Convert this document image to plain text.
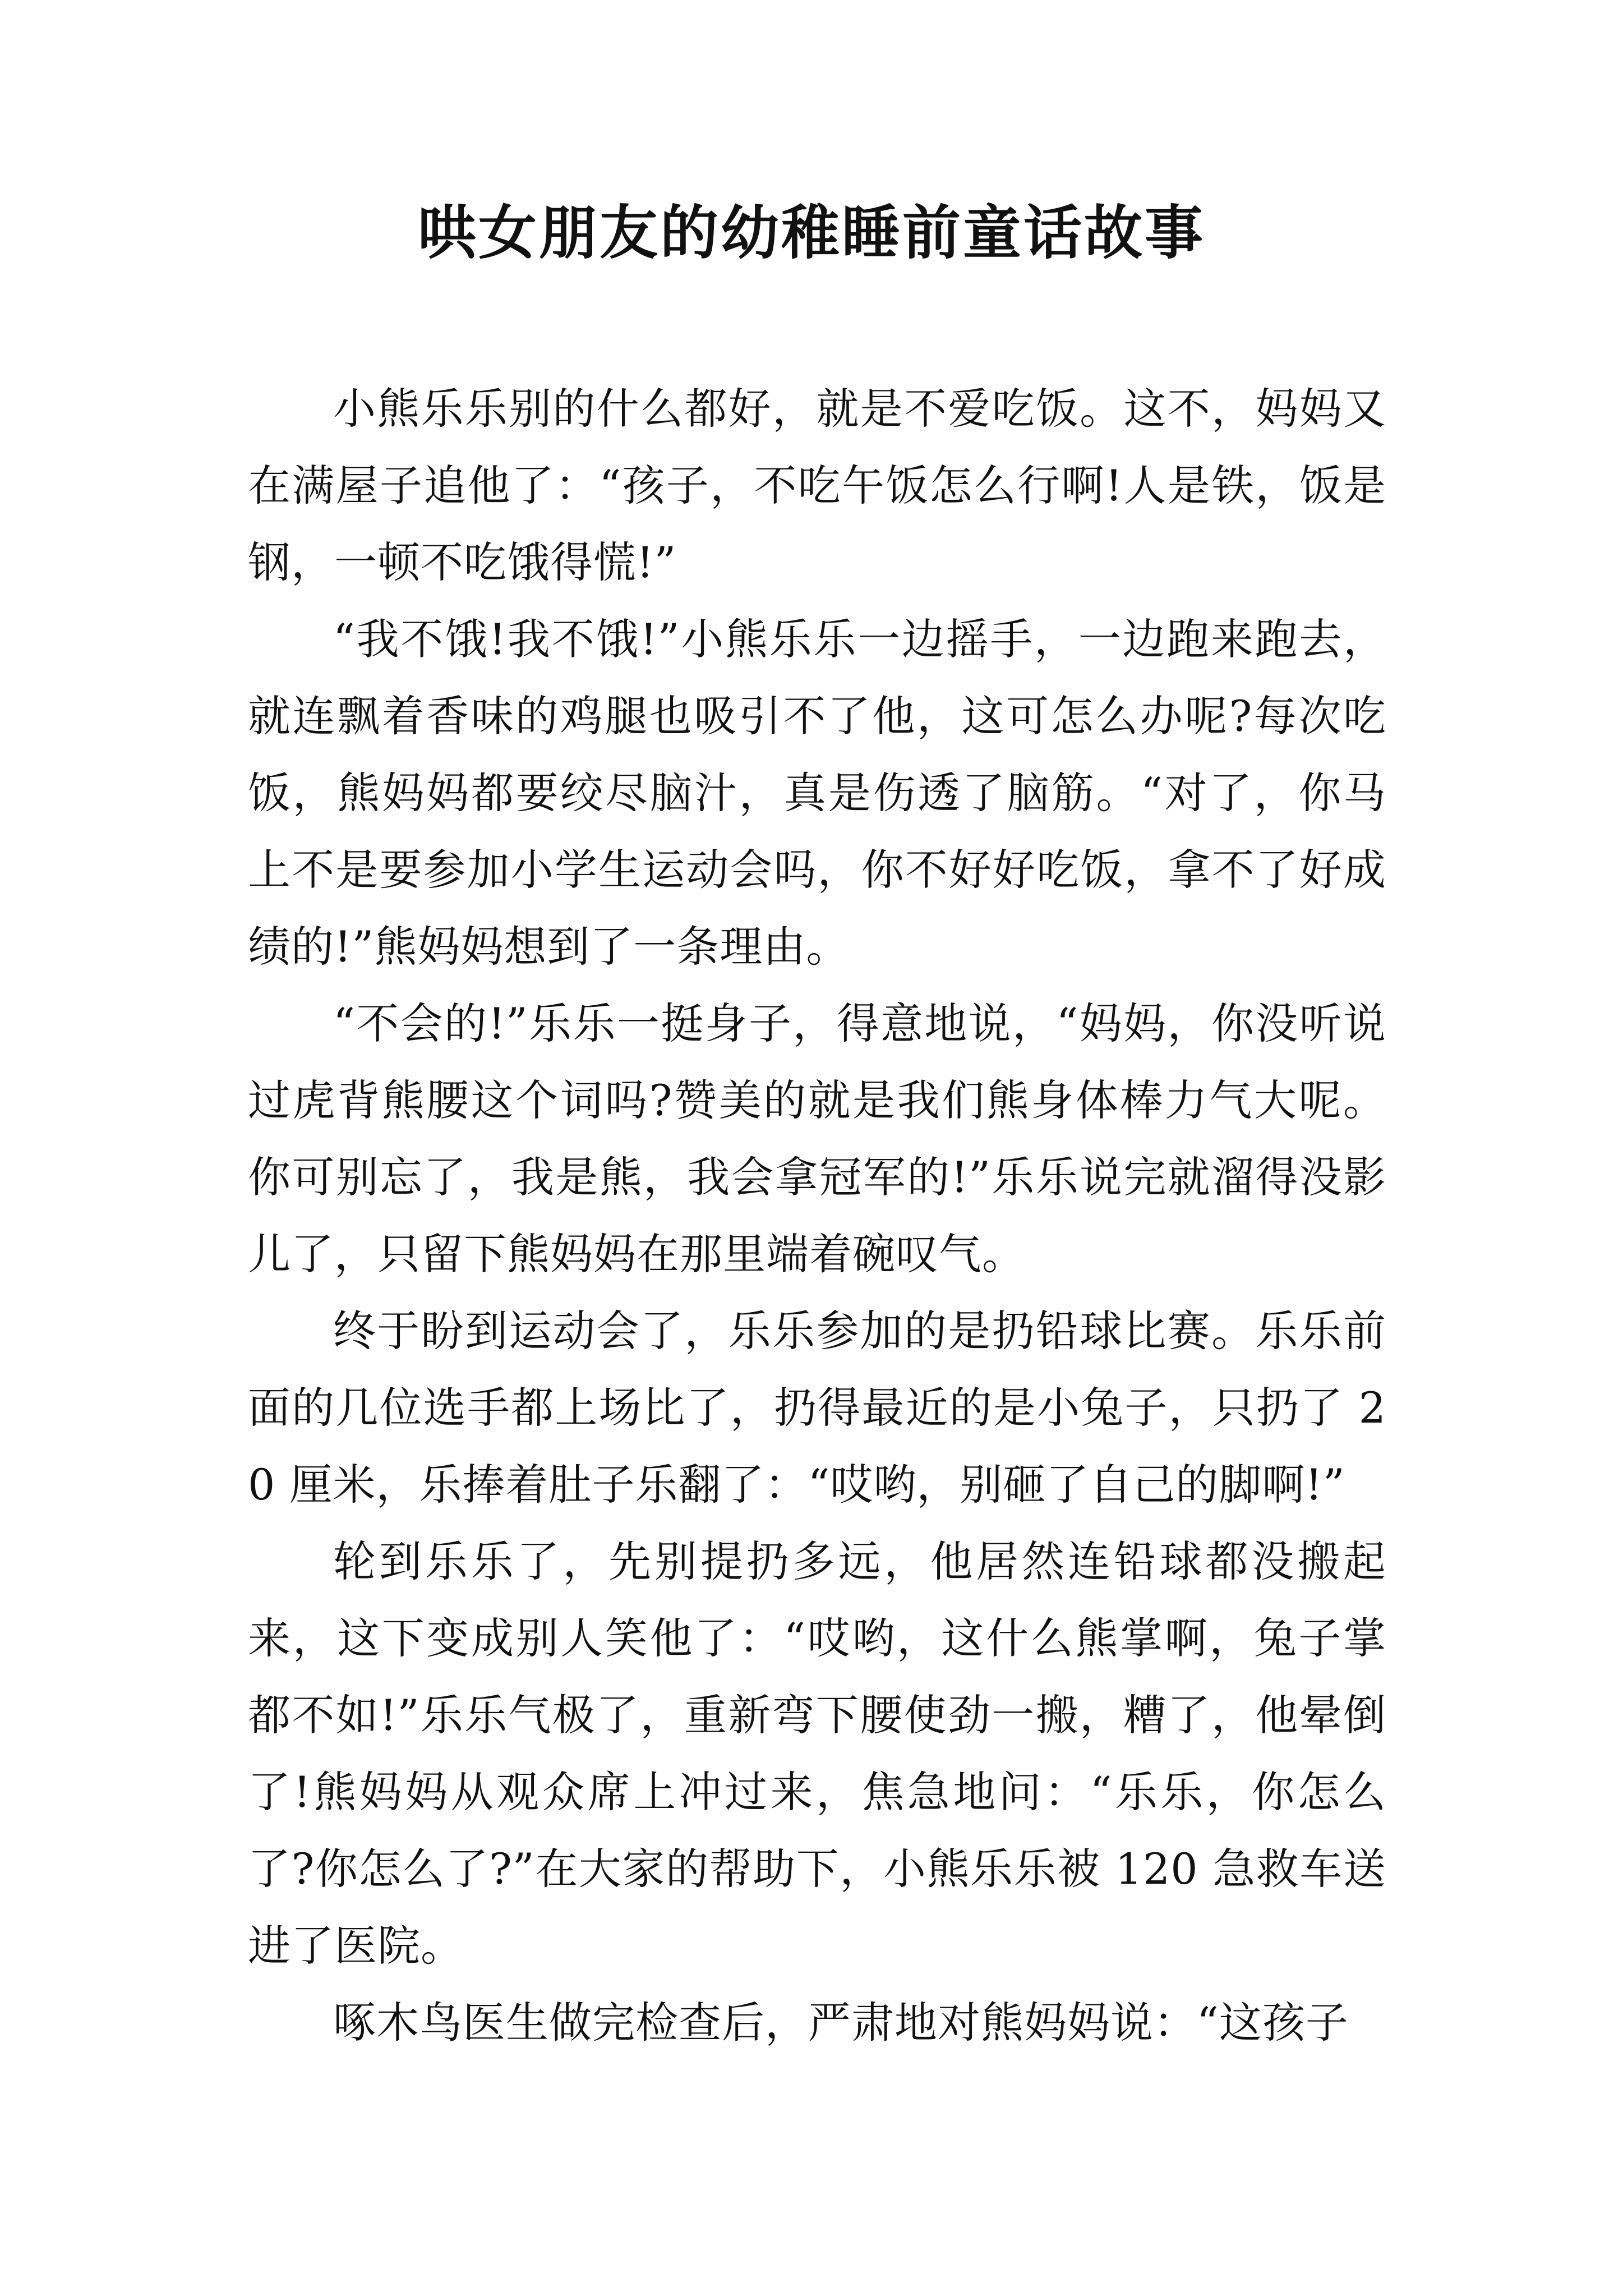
哄女朋友的幼稚睡前童话故事

小熊乐乐别的什么都好，就是不爱吃饭。这不，妈妈又在满屋子追他了：“孩子，不吃午饭怎么行啊!人是铁，饭是钢，一顿不吃饿得慌!”

“我不饿!我不饿!”小熊乐乐一边摇手，一边跑来跑去，就连飘着香味的鸡腿也吸引不了他，这可怎么办呢?每次吃饭，熊妈妈都要绞尽脑汁，真是伤透了脑筋。“对了，你马上不是要参加小学生运动会吗，你不好好吃饭，拿不了好成绩的!”熊妈妈想到了一条理由。

“不会的!”乐乐一挺身子，得意地说，“妈妈，你没听说过虎背熊腰这个词吗?赞美的就是我们熊身体棒力气大呢。你可别忘了，我是熊，我会拿冠军的!”乐乐说完就溜得没影儿了，只留下熊妈妈在那里端着碗叹气。

终于盼到运动会了，乐乐参加的是扔铅球比赛。乐乐前面的几位选手都上场比了，扔得最近的是小兔子，只扔了 20 厘米，乐捧着肚子乐翻了：“哎哟，别砸了自己的脚啊!”

轮到乐乐了，先别提扔多远，他居然连铅球都没搬起来，这下变成别人笑他了：“哎哟，这什么熊掌啊，兔子掌都不如!”乐乐气极了，重新弯下腰使劲一搬，糟了，他晕倒了!熊妈妈从观众席上冲过来，焦急地问：“乐乐，你怎么了?你怎么了?”在大家的帮助下，小熊乐乐被 120 急救车送进了医院。

啄木鸟医生做完检查后，严肃地对熊妈妈说：“这孩子
